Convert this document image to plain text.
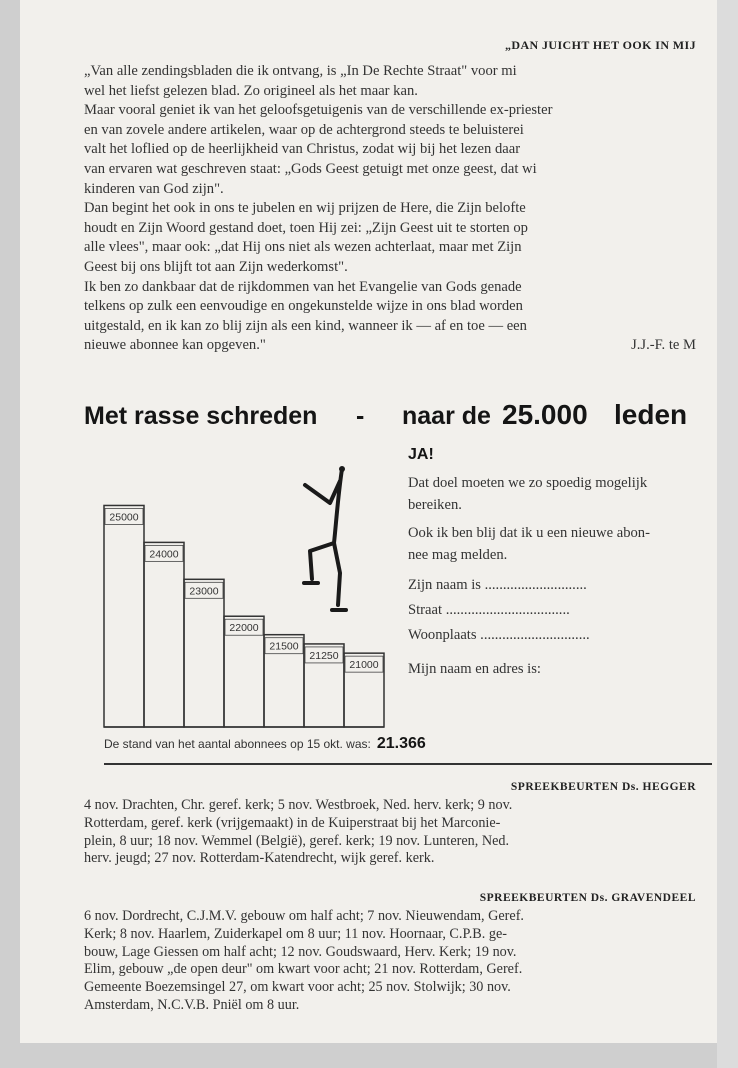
„DAN JUICHT HET OOK IN MIJ
„Van alle zendingsbladen die ik ontvang, is „In De Rechte Straat" voor mi
wel het liefst gelezen blad. Zo origineel als het maar kan.
Maar vooral geniet ik van het geloofsgetuigenis van de verschillende ex-priester
en van zovele andere artikelen, waar op de achtergrond steeds te beluisterei
valt het loflied op de heerlijkheid van Christus, zodat wij bij het lezen daar
van ervaren wat geschreven staat: „Gods Geest getuigt met onze geest, dat wi
kinderen van God zijn".
Dan begint het ook in ons te jubelen en wij prijzen de Here, die Zijn belofte
houdt en Zijn Woord gestand doet, toen Hij zei: „Zijn Geest uit te storten op
alle vlees", maar ook: „dat Hij ons niet als wezen achterlaat, maar met Zijn
Geest bij ons blijft tot aan Zijn wederkomst".
Ik ben zo dankbaar dat de rijkdommen van het Evangelie van Gods genade
telkens op zulk een eenvoudige en ongekunstelde wijze in ons blad worden
uitgestald, en ik kan zo blij zijn als een kind, wanneer ik — af en toe — een
nieuwe abonnee kan opgeven."	J.J.-F. te M
Met rasse schreden - naar de 25.000 leden
25000
24000
23000
22000
21500
21250
21000
JA!
Dat doel moeten we zo spoedig mogelijk
bereiken.
Ook ik ben blij dat ik u een nieuwe abon-
nee mag melden.
Zijn naam is ............................
Straat ..................................
Woonplaats ..............................
Mijn naam en adres is:
De stand van het aantal abonnees op 15 okt. was: 21.366
SPREEKBEURTEN Ds. HEGGER
4 nov. Drachten, Chr. geref. kerk; 5 nov. Westbroek, Ned. herv. kerk; 9 nov.
Rotterdam, geref. kerk (vrijgemaakt) in de Kuiperstraat bij het Marconie-
plein, 8 uur; 18 nov. Wemmel (België), geref. kerk; 19 nov. Lunteren, Ned.
herv. jeugd; 27 nov. Rotterdam-Katendrecht, wijk geref. kerk.
SPREEKBEURTEN Ds. GRAVENDEEL
6 nov. Dordrecht, C.J.M.V. gebouw om half acht; 7 nov. Nieuwendam, Geref.
Kerk; 8 nov. Haarlem, Zuiderkapel om 8 uur; 11 nov. Hoornaar, C.P.B. ge-
bouw, Lage Giessen om half acht; 12 nov. Goudswaard, Herv. Kerk; 19 nov.
Elim, gebouw „de open deur" om kwart voor acht; 21 nov. Rotterdam, Geref.
Gemeente Boezemsingel 27, om kwart voor acht; 25 nov. Stolwijk; 30 nov.
Amsterdam, N.C.V.B. Pniël om 8 uur.
